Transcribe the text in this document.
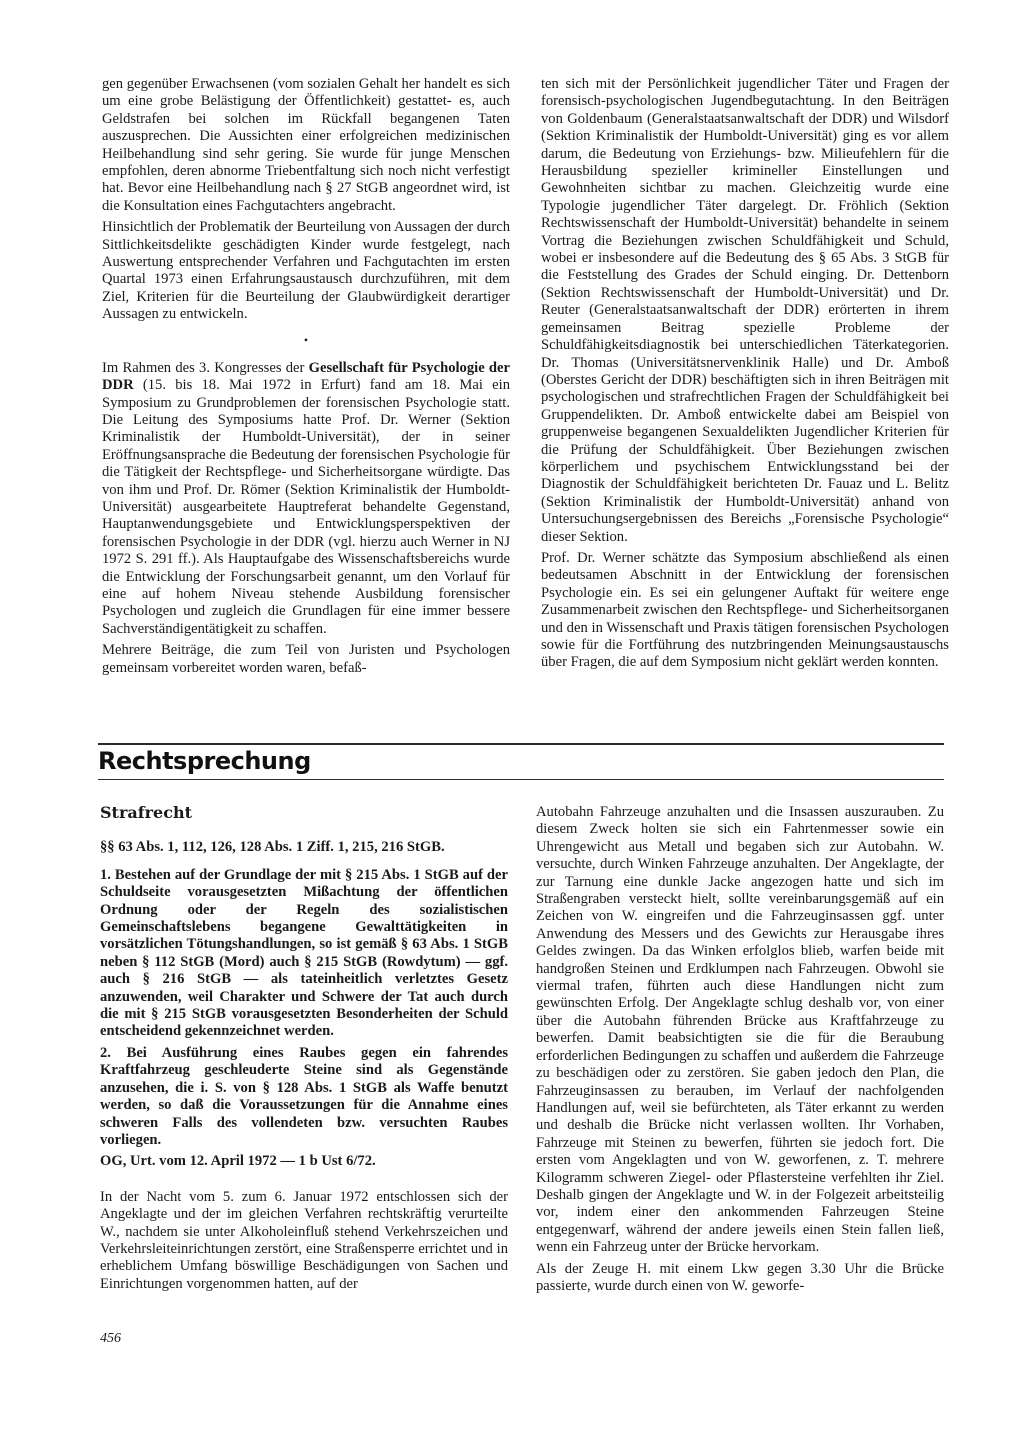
gen gegenüber Erwachsenen (vom sozialen Gehalt her handelt es sich um eine grobe Belästigung der Öffentlichkeit) gestattet- es, auch Geldstrafen bei solchen im Rückfall begangenen Taten auszusprechen. Die Aussichten einer erfolgreichen medizinischen Heilbehandlung sind sehr gering. Sie wurde für junge Menschen empfohlen, deren abnorme Triebentfaltung sich noch nicht verfestigt hat. Bevor eine Heilbehandlung nach § 27 StGB angeordnet wird, ist die Konsultation eines Fachgutachters angebracht.

Hinsichtlich der Problematik der Beurteilung von Aussagen der durch Sittlichkeitsdelikte geschädigten Kinder wurde festgelegt, nach Auswertung entsprechender Verfahren und Fachgutachten im ersten Quartal 1973 einen Erfahrungsaustausch durchzuführen, mit dem Ziel, Kriterien für die Beurteilung der Glaubwürdigkeit derartiger Aussagen zu entwickeln.

•

Im Rahmen des 3. Kongresses der Gesellschaft für Psychologie der DDR (15. bis 18. Mai 1972 in Erfurt) fand am 18. Mai ein Symposium zu Grundproblemen der forensischen Psychologie statt. Die Leitung des Symposiums hatte Prof. Dr. Werner (Sektion Kriminalistik der Humboldt-Universität), der in seiner Eröffnungsansprache die Bedeutung der forensischen Psychologie für die Tätigkeit der Rechtspflege- und Sicherheitsorgane würdigte. Das von ihm und Prof. Dr. Römer (Sektion Kriminalistik der Humboldt-Universität) ausgearbeitete Hauptreferat behandelte Gegenstand, Hauptanwendungsgebiete und Entwicklungsperspektiven der forensischen Psychologie in der DDR (vgl. hierzu auch Werner in NJ 1972 S. 291 ff.). Als Hauptaufgabe des Wissenschaftsbereichs wurde die Entwicklung der Forschungsarbeit genannt, um den Vorlauf für eine auf hohem Niveau stehende Ausbildung forensischer Psychologen und zugleich die Grundlagen für eine immer bessere Sachverständigentätigkeit zu schaffen.

Mehrere Beiträge, die zum Teil von Juristen und Psychologen gemeinsam vorbereitet worden waren, befaß-

ten sich mit der Persönlichkeit jugendlicher Täter und Fragen der forensisch-psychologischen Jugendbegutachtung. In den Beiträgen von Goldenbaum (Generalstaatsanwaltschaft der DDR) und Wilsdorf (Sektion Kriminalistik der Humboldt-Universität) ging es vor allem darum, die Bedeutung von Erziehungs- bzw. Milieufehlern für die Herausbildung spezieller krimineller Einstellungen und Gewohnheiten sichtbar zu machen. Gleichzeitig wurde eine Typologie jugendlicher Täter dargelegt. Dr. Fröhlich (Sektion Rechtswissenschaft der Humboldt-Universität) behandelte in seinem Vortrag die Beziehungen zwischen Schuldfähigkeit und Schuld, wobei er insbesondere auf die Bedeutung des § 65 Abs. 3 StGB für die Feststellung des Grades der Schuld einging. Dr. Dettenborn (Sektion Rechtswissenschaft der Humboldt-Universität) und Dr. Reuter (Generalstaatsanwaltschaft der DDR) erörterten in ihrem gemeinsamen Beitrag spezielle Probleme der Schuldfähigkeitsdiagnostik bei unterschiedlichen Täterkategorien. Dr. Thomas (Universitätsnervenklinik Halle) und Dr. Amboß (Oberstes Gericht der DDR) beschäftigten sich in ihren Beiträgen mit psychologischen und strafrechtlichen Fragen der Schuldfähigkeit bei Gruppendelikten. Dr. Amboß entwickelte dabei am Beispiel von gruppenweise begangenen Sexualdelikten Jugendlicher Kriterien für die Prüfung der Schuldfähigkeit. Über Beziehungen zwischen körperlichem und psychischem Entwicklungsstand bei der Diagnostik der Schuldfähigkeit berichteten Dr. Fauaz und L. Belitz (Sektion Kriminalistik der Humboldt-Universität) anhand von Untersuchungsergebnissen des Bereichs „Forensische Psychologie“ dieser Sektion.

Prof. Dr. Werner schätzte das Symposium abschließend als einen bedeutsamen Abschnitt in der Entwicklung der forensischen Psychologie ein. Es sei ein gelungener Auftakt für weitere enge Zusammenarbeit zwischen den Rechtspflege- und Sicherheitsorganen und den in Wissenschaft und Praxis tätigen forensischen Psychologen sowie für die Fortführung des nutzbringenden Meinungsaustauschs über Fragen, die auf dem Symposium nicht geklärt werden konnten.

Rechtsprechung

Strafrecht

§§ 63 Abs. 1, 112, 126, 128 Abs. 1 Ziff. 1, 215, 216 StGB.

1. Bestehen auf der Grundlage der mit § 215 Abs. 1 StGB auf der Schuldseite vorausgesetzten Mißachtung der öffentlichen Ordnung oder der Regeln des sozialistischen Gemeinschaftslebens begangene Gewalttätigkeiten in vorsätzlichen Tötungshandlungen, so ist gemäß § 63 Abs. 1 StGB neben § 112 StGB (Mord) auch § 215 StGB (Rowdytum) — ggf. auch § 216 StGB — als tateinheitlich verletztes Gesetz anzuwenden, weil Charakter und Schwere der Tat auch durch die mit § 215 StGB vorausgesetzten Besonderheiten der Schuld entscheidend gekennzeichnet werden.

2. Bei Ausführung eines Raubes gegen ein fahrendes Kraftfahrzeug geschleuderte Steine sind als Gegenstände anzusehen, die i. S. von § 128 Abs. 1 StGB als Waffe benutzt werden, so daß die Voraussetzungen für die Annahme eines schweren Falls des vollendeten bzw. versuchten Raubes vorliegen.

OG, Urt. vom 12. April 1972 — 1 b Ust 6/72.

In der Nacht vom 5. zum 6. Januar 1972 entschlossen sich der Angeklagte und der im gleichen Verfahren rechtskräftig verurteilte W., nachdem sie unter Alkoholeinfluß stehend Verkehrszeichen und Verkehrsleiteinrichtungen zerstört, eine Straßensperre errichtet und in erheblichem Umfang böswillige Beschädigungen von Sachen und Einrichtungen vorgenommen hatten, auf der

Autobahn Fahrzeuge anzuhalten und die Insassen auszurauben. Zu diesem Zweck holten sie sich ein Fahrtenmesser sowie ein Uhrengewicht aus Metall und begaben sich zur Autobahn. W. versuchte, durch Winken Fahrzeuge anzuhalten. Der Angeklagte, der zur Tarnung eine dunkle Jacke angezogen hatte und sich im Straßengraben versteckt hielt, sollte vereinbarungsgemäß auf ein Zeichen von W. eingreifen und die Fahrzeuginsassen ggf. unter Anwendung des Messers und des Gewichts zur Herausgabe ihres Geldes zwingen. Da das Winken erfolglos blieb, warfen beide mit handgroßen Steinen und Erdklumpen nach Fahrzeugen. Obwohl sie viermal trafen, führten auch diese Handlungen nicht zum gewünschten Erfolg. Der Angeklagte schlug deshalb vor, von einer über die Autobahn führenden Brücke aus Kraftfahrzeuge zu bewerfen. Damit beabsichtigten sie die für die Beraubung erforderlichen Bedingungen zu schaffen und außerdem die Fahrzeuge zu beschädigen oder zu zerstören. Sie gaben jedoch den Plan, die Fahrzeuginsassen zu berauben, im Verlauf der nachfolgenden Handlungen auf, weil sie befürchteten, als Täter erkannt zu werden und deshalb die Brücke nicht verlassen wollten. Ihr Vorhaben, Fahrzeuge mit Steinen zu bewerfen, führten sie jedoch fort. Die ersten vom Angeklagten und von W. geworfenen, z. T. mehrere Kilogramm schweren Ziegel- oder Pflastersteine verfehlten ihr Ziel. Deshalb gingen der Angeklagte und W. in der Folgezeit arbeitsteilig vor, indem einer den ankommenden Fahrzeugen Steine entgegenwarf, während der andere jeweils einen Stein fallen ließ, wenn ein Fahrzeug unter der Brücke hervorkam.

Als der Zeuge H. mit einem Lkw gegen 3.30 Uhr die Brücke passierte, wurde durch einen von W. geworfe-

456
